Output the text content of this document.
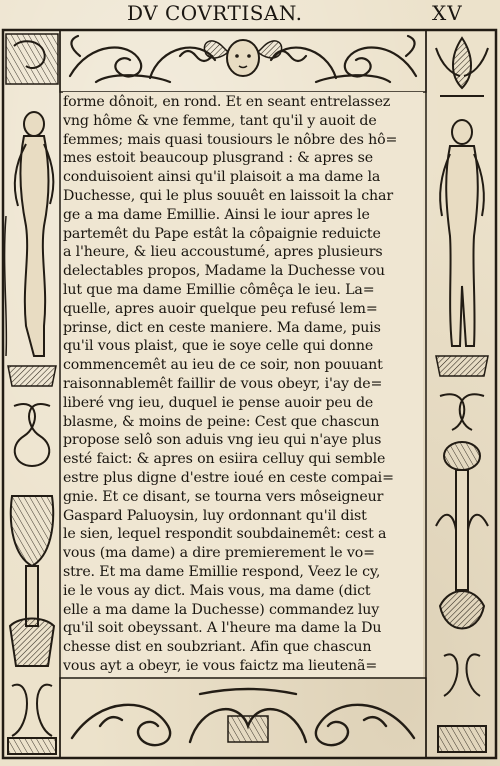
DV COVRTISAN.	XV
forme dônoit, en rond. Et en seant entrelassez
vng hôme & vne femme, tant qu'il y auoit de
femmes; mais quasi tousiours le nôbre des hô=
mes estoit beaucoup plusgrand : & apres se
conduisoient ainsi qu'il plaisoit a ma dame la
Duchesse, qui le plus souuêt en laissoit la char
ge a ma dame Emillie. Ainsi le iour apres le
partemêt du Pape estât la côpaignie reduicte
a l'heure, & lieu accoustumé, apres plusieurs
delectables propos, Madame la Duchesse vou
lut que ma dame Emillie cômêça le ieu. La=
quelle, apres auoir quelque peu refusé lem=
prinse, dict en ceste maniere. Ma dame, puis
qu'il vous plaist, que ie soye celle qui donne
commencemêt au ieu de ce soir, non pouuant
raisonnablemêt faillir de vous obeyr, i'ay de=
liberé vng ieu, duquel ie pense auoir peu de
blasme, & moins de peine: Cest que chascun
propose selô son aduis vng ieu qui n'aye plus
esté faict: & apres on esiira celluy qui semble
estre plus digne d'estre ioué en ceste compai=
gnie. Et ce disant, se tourna vers môseigneur
Gaspard Paluoysin, luy ordonnant qu'il dist
le sien, lequel respondit soubdainemêt: cest a
vous (ma dame) a dire premierement le vo=
stre. Et ma dame Emillie respond, Veez le cy,
ie le vous ay dict. Mais vous, ma dame (dict
elle a ma dame la Duchesse) commandez luy
qu'il soit obeyssant. A l'heure ma dame la Du
chesse dist en soubzriant. Afin que chascun
vous ayt a obeyr, ie vous faictz ma lieutenã=
